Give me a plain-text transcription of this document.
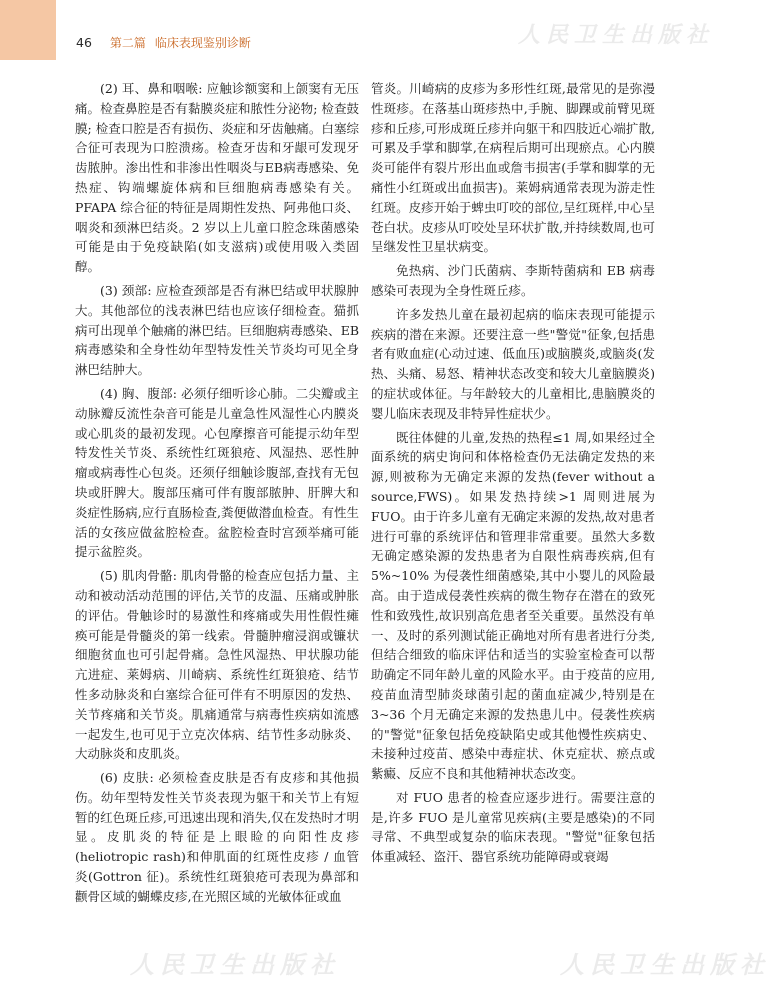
46 第二篇 临床表现鉴别诊断	人民卫生出版社
人民卫生出版社	人民卫生出版社

(2) 耳、鼻和咽喉: 应触诊额窦和上颌窦有无压痛。检查鼻腔是否有黏膜炎症和脓性分泌物; 检查鼓膜; 检查口腔是否有损伤、炎症和牙齿触痛。白塞综合征可表现为口腔溃疡。检查牙齿和牙龈可发现牙齿脓肿。渗出性和非渗出性咽炎与EB病毒感染、免热症、钩端螺旋体病和巨细胞病毒感染有关。PFAPA 综合征的特征是周期性发热、阿弗他口炎、咽炎和颈淋巴结炎。2 岁以上儿童口腔念珠菌感染可能是由于免疫缺陷(如支滋病)或使用吸入类固醇。

(3) 颈部: 应检查颈部是否有淋巴结或甲状腺肿大。其他部位的浅表淋巴结也应该仔细检查。猫抓病可出现单个触痛的淋巴结。巨细胞病毒感染、EB病毒感染和全身性幼年型特发性关节炎均可见全身淋巴结肿大。

(4) 胸、腹部: 必须仔细听诊心肺。二尖瓣或主动脉瓣反流性杂音可能是儿童急性风湿性心内膜炎或心肌炎的最初发现。心包摩擦音可能提示幼年型特发性关节炎、系统性红斑狼疮、风湿热、恶性肿瘤或病毒性心包炎。还须仔细触诊腹部,查找有无包块或肝脾大。腹部压痛可伴有腹部脓肿、肝脾大和炎症性肠病,应行直肠检查,粪便做潜血检查。有性生活的女孩应做盆腔检查。盆腔检查时宫颈举痛可能提示盆腔炎。

(5) 肌肉骨骼: 肌肉骨骼的检查应包括力量、主动和被动活动范围的评估,关节的皮温、压痛或肿胀的评估。骨触诊时的易激性和疼痛或失用性假性瘫痪可能是骨髓炎的第一线索。骨髓肿瘤浸润或镰状细胞贫血也可引起骨痛。急性风湿热、甲状腺功能亢进症、莱姆病、川崎病、系统性红斑狼疮、结节性多动脉炎和白塞综合征可伴有不明原因的发热、关节疼痛和关节炎。肌痛通常与病毒性疾病如流感一起发生,也可见于立克次体病、结节性多动脉炎、大动脉炎和皮肌炎。

(6) 皮肤: 必须检查皮肤是否有皮疹和其他损伤。幼年型特发性关节炎表现为躯干和关节上有短暂的红色斑丘疹,可迅速出现和消失,仅在发热时才明显。皮肌炎的特征是上眼睑的向阳性皮疹(heliotropic rash)和伸肌面的红斑性皮疹 / 血管炎(Gottron 征)。系统性红斑狼疮可表现为鼻部和颧骨区域的蝴蝶皮疹,在光照区域的光敏体征或血

管炎。川崎病的皮疹为多形性红斑,最常见的是弥漫性斑疹。在落基山斑疹热中,手腕、脚踝或前臂见斑疹和丘疹,可形成斑丘疹并向躯干和四肢近心端扩散,可累及手掌和脚掌,在病程后期可出现瘀点。心内膜炎可能伴有裂片形出血或詹韦损害(手掌和脚掌的无痛性小红斑或出血损害)。莱姆病通常表现为游走性红斑。皮疹开始于蜱虫叮咬的部位,呈红斑样,中心呈苍白状。皮疹从叮咬处呈环状扩散,并持续数周,也可呈继发性卫星状病变。

免热病、沙门氏菌病、李斯特菌病和 EB 病毒感染可表现为全身性斑丘疹。

许多发热儿童在最初起病的临床表现可能提示疾病的潜在来源。还要注意一些"警觉"征象,包括患者有败血症(心动过速、低血压)或脑膜炎,或脑炎(发热、头痛、易怒、精神状态改变和较大儿童脑膜炎)的症状或体征。与年龄较大的儿童相比,患脑膜炎的婴儿临床表现及非特异性症状少。

既往体健的儿童,发热的热程≤1 周,如果经过全面系统的病史询问和体格检查仍无法确定发热的来源,则被称为无确定来源的发热(fever without a source,FWS)。如果发热持续>1 周则进展为 FUO。由于许多儿童有无确定来源的发热,故对患者进行可靠的系统评估和管理非常重要。虽然大多数无确定感染源的发热患者为自限性病毒疾病,但有 5%~10% 为侵袭性细菌感染,其中小婴儿的风险最高。由于造成侵袭性疾病的微生物存在潜在的致死性和致残性,故识别高危患者至关重要。虽然没有单一、及时的系列测试能正确地对所有患者进行分类,但结合细致的临床评估和适当的实验室检查可以帮助确定不同年龄儿童的风险水平。由于疫苗的应用,疫苗血清型肺炎球菌引起的菌血症减少,特别是在 3~36 个月无确定来源的发热患儿中。侵袭性疾病的"警觉"征象包括免疫缺陷史或其他慢性疾病史、未接种过疫苗、感染中毒症状、休克症状、瘀点或紫癜、反应不良和其他精神状态改变。

对 FUO 患者的检查应逐步进行。需要注意的是,许多 FUO 是儿童常见疾病(主要是感染)的不同寻常、不典型或复杂的临床表现。"警觉"征象包括体重减轻、盗汗、器官系统功能障碍或衰竭
